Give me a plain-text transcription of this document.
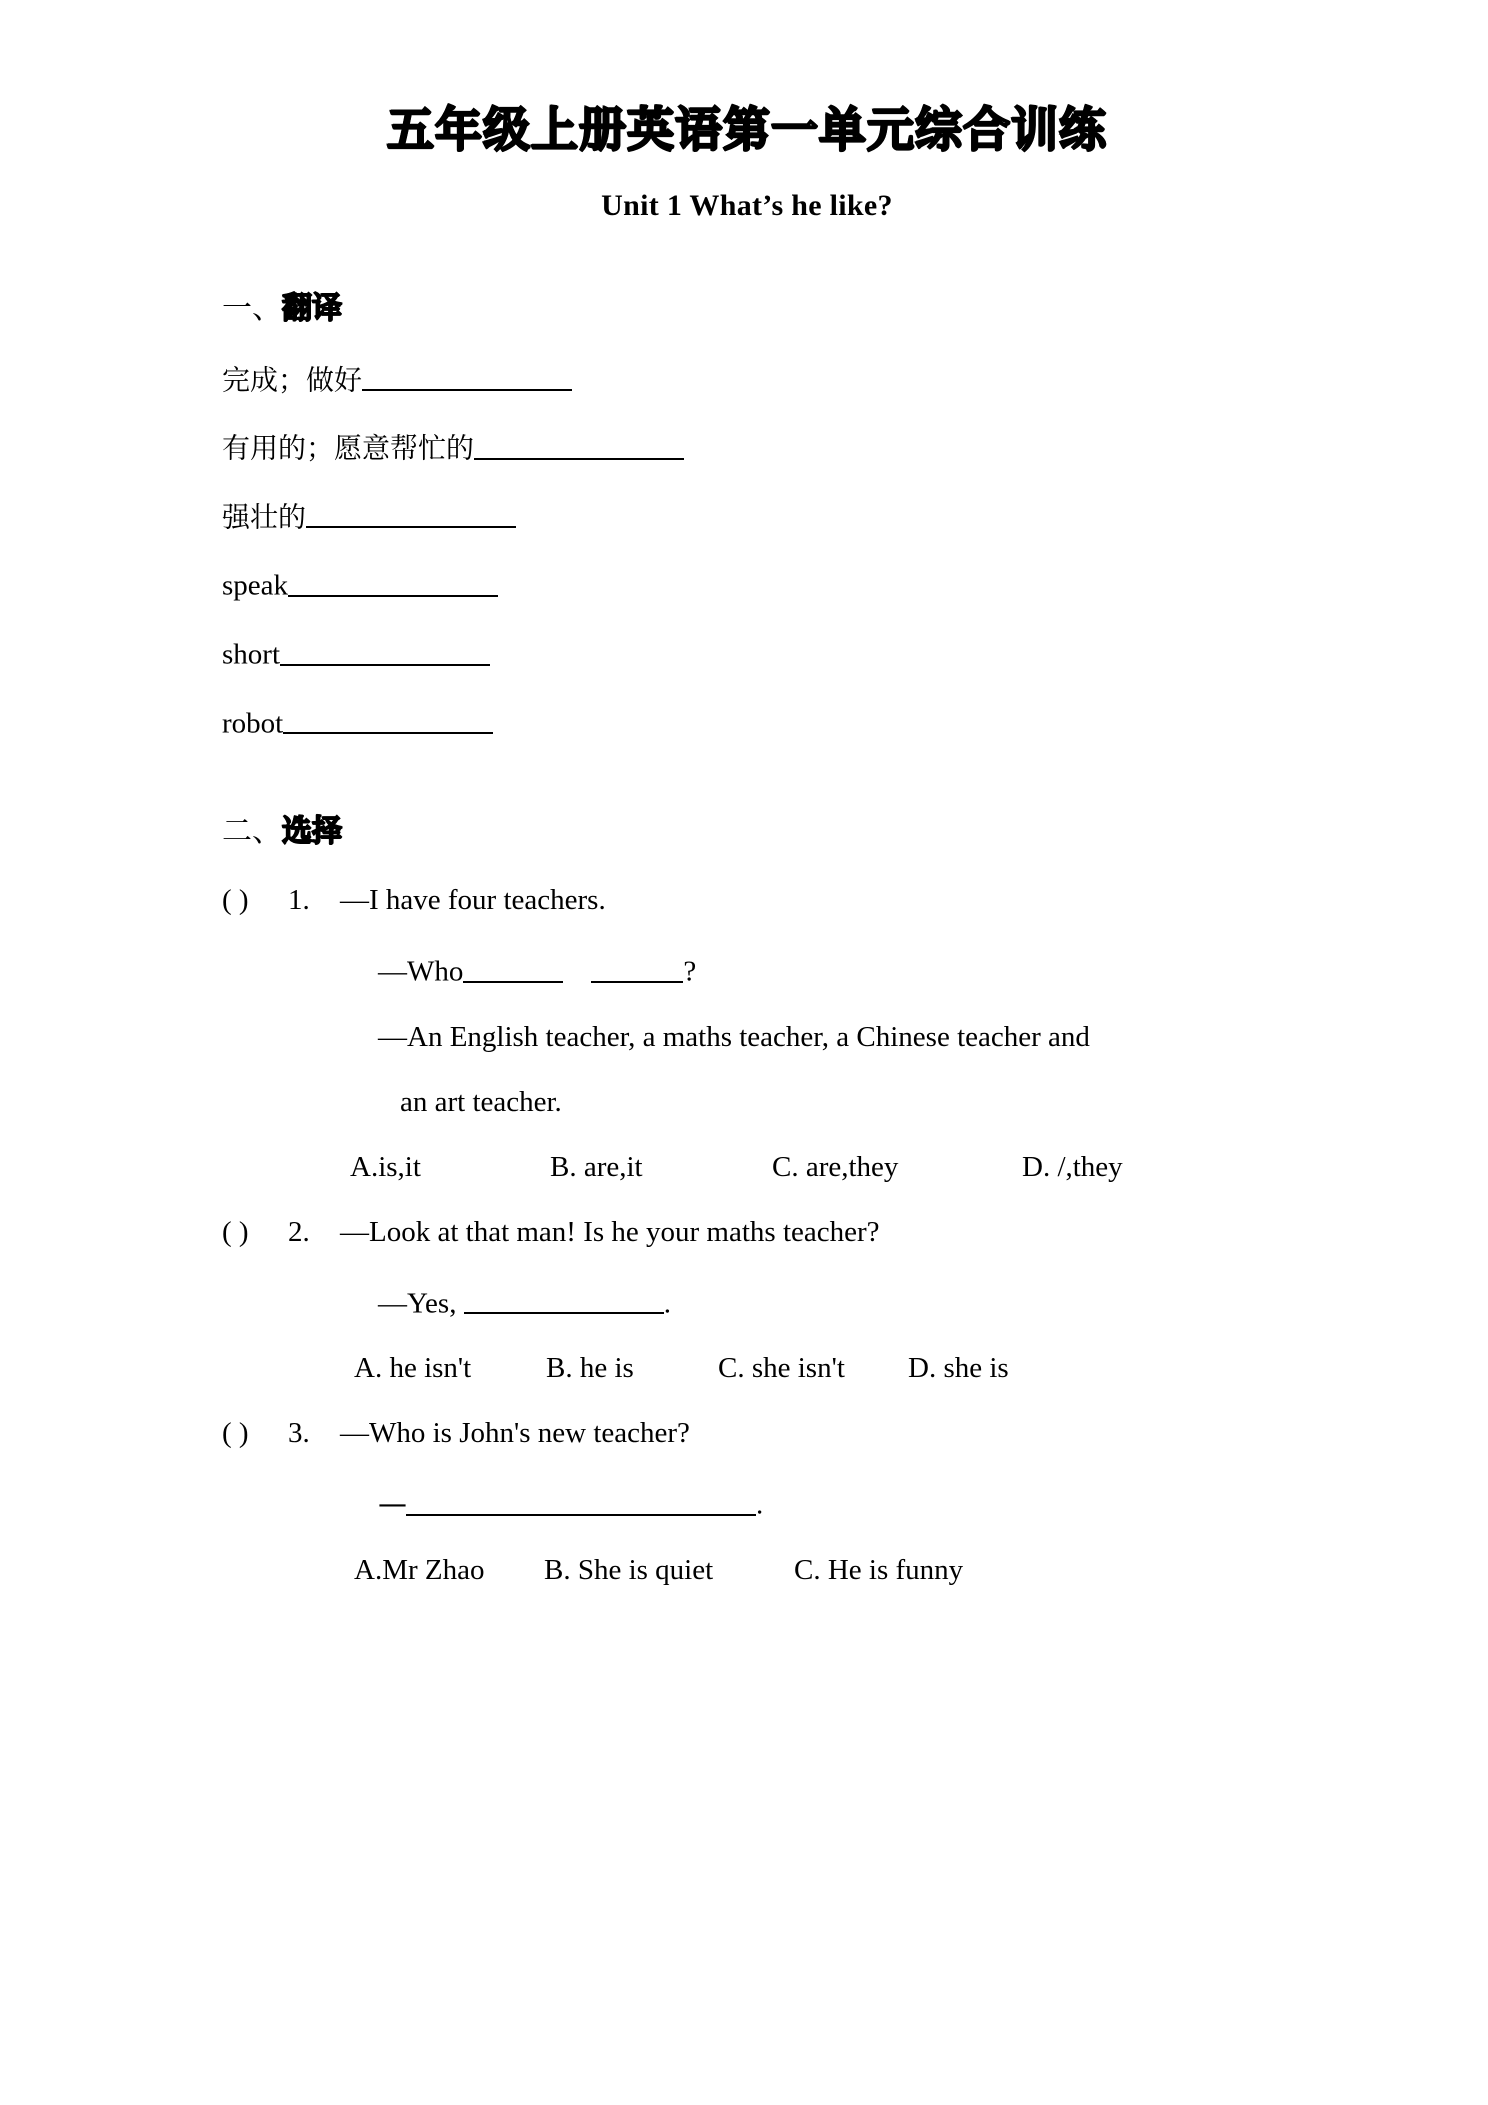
五年级上册英语第一单元综合训练
Unit 1 What’s he like?
一、翻译
完成；做好
有用的；愿意帮忙的
强壮的
speak
short
robot
二、选择
( ) 1. —I have four teachers.
—Who	?
—An English teacher, a maths teacher, a Chinese teacher and
an art teacher.
A.is,it	B. are,it	C. are,they	D. /,they
( ) 2. —Look at that man! Is he your maths teacher?
—Yes,	.
A. he isn't	B. he is	C. she isn't D. she is
( ) 3. —Who is John's new teacher?
—	.
A.Mr Zhao B. She is quiet	C. He is funny
